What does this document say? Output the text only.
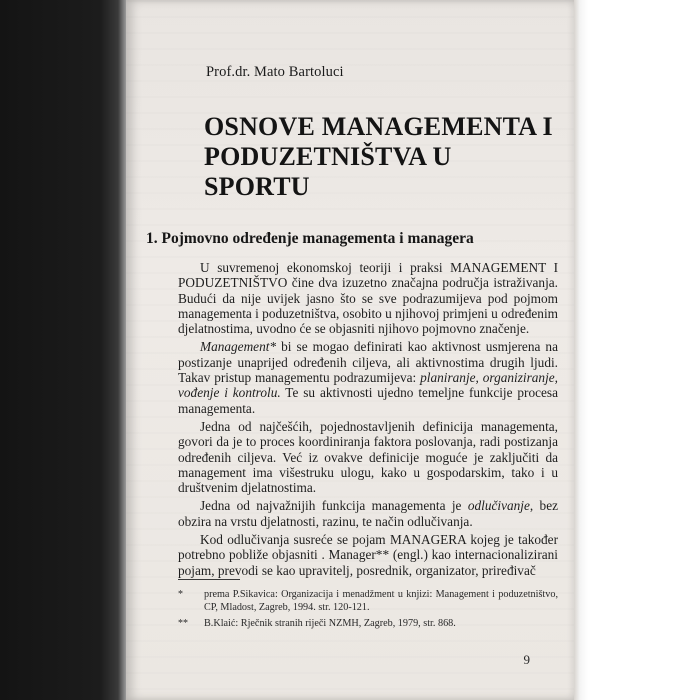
Prof.dr. Mato Bartoluci
OSNOVE MANAGEMENTA I
PODUZETNIŠTVA U
SPORTU
1. Pojmovno određenje managementa i managera

U suvremenoj ekonomskoj teoriji i praksi MANAGEMENT I PODUZETNIŠTVO čine dva izuzetno značajna područja istraživanja. Budući da nije uvijek jasno što se sve podrazumijeva pod pojmom managementa i poduzetništva, osobito u njihovoj primjeni u određenim djelatnostima, uvodno će se objasniti njihovo pojmovno značenje.

Management* bi se mogao definirati kao aktivnost usmjerena na postizanje unaprijed određenih ciljeva, ali aktivnostima drugih ljudi. Takav pristup managementu podrazumijeva: planiranje, organiziranje, vođenje i kontrolu. Te su aktivnosti ujedno temeljne funkcije procesa managementa.

Jedna od najčešćih, pojednostavljenih definicija managementa, govori da je to proces koordiniranja faktora poslovanja, radi postizanja određenih ciljeva. Već iz ovakve definicije moguće je zaključiti da management ima višestruku ulogu, kako u gospodarskim, tako i u društvenim djelatnostima.

Jedna od najvažnijih funkcija managementa je odlučivanje, bez obzira na vrstu djelatnosti, razinu, te način odlučivanja.

Kod odlučivanja susreće se pojam MANAGERA kojeg je također potrebno pobliže objasniti . Manager** (engl.) kao internacionalizirani pojam, prevodi se kao upravitelj, posrednik, organizator, priređivač

*	prema P.Sikavica: Organizacija i menadžment u knjizi: Management i poduzetništvo, CP, Mladost, Zagreb, 1994. str. 120-121.
**	B.Klaić: Rječnik stranih riječi NZMH, Zagreb, 1979, str. 868.
9
